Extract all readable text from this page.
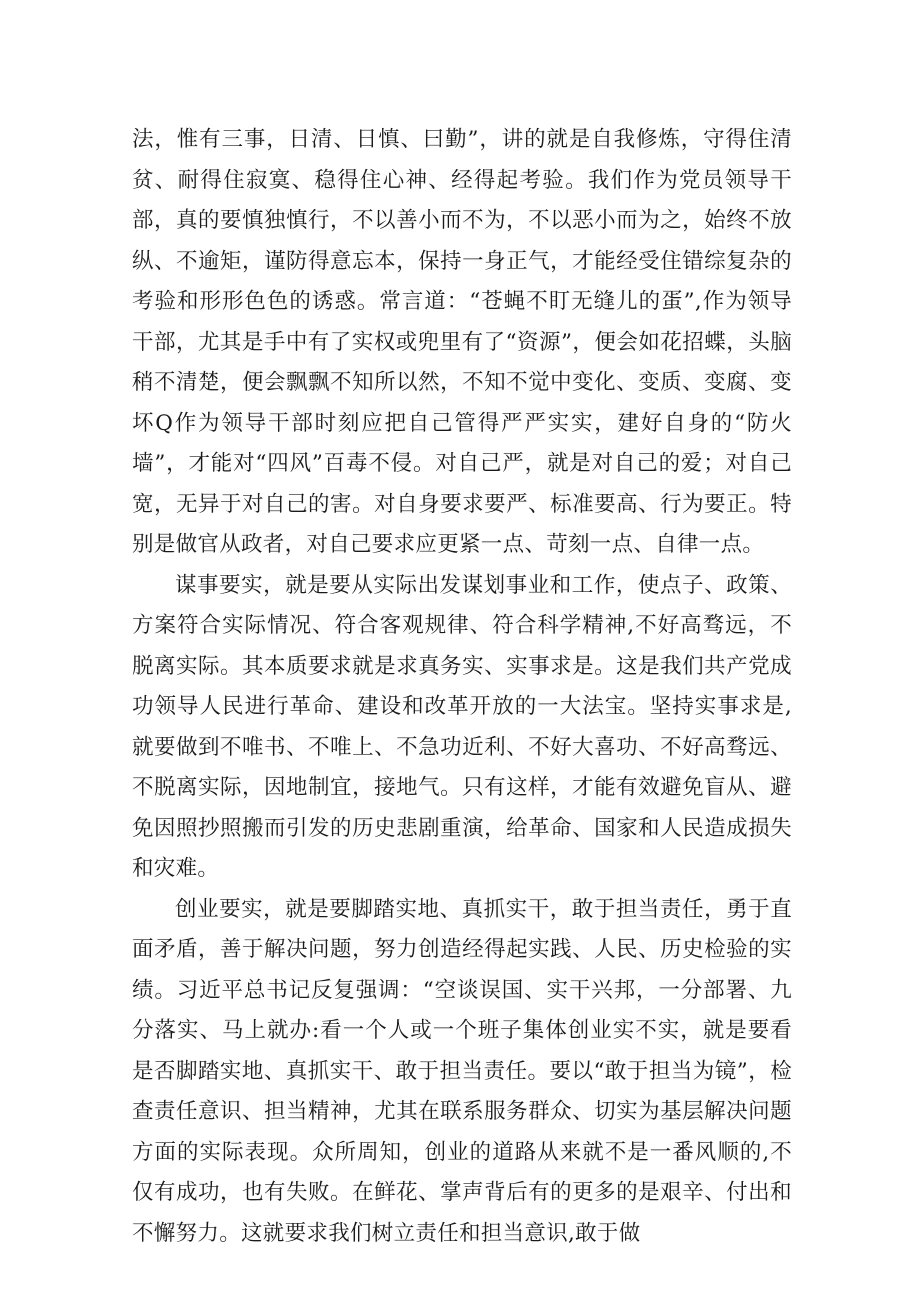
法，惟有三事，日清、日慎、曰勤”，讲的就是自我修炼，守得住清贫、耐得住寂寞、稳得住心神、经得起考验。我们作为党员领导干部，真的要慎独慎行，不以善小而不为，不以恶小而为之，始终不放纵、不逾矩，谨防得意忘本，保持一身正气，才能经受住错综复杂的考验和形形色色的诱惑。常言道：“苍蝇不盯无缝儿的蛋”,作为领导干部，尤其是手中有了实权或兜里有了“资源”，便会如花招蝶，头脑稍不清楚，便会飘飘不知所以然，不知不觉中变化、变质、变腐、变坏Q作为领导干部时刻应把自己管得严严实实，建好自身的“防火墙”，才能对“四风”百毒不侵。对自己严，就是对自己的爱；对自己宽，无异于对自己的害。对自身要求要严、标准要高、行为要正。特别是做官从政者，对自己要求应更紧一点、苛刻一点、自律一点。

谋事要实，就是要从实际出发谋划事业和工作，使点子、政策、方案符合实际情况、符合客观规律、符合科学精神,不好高骛远，不脱离实际。其本质要求就是求真务实、实事求是。这是我们共产党成功领导人民进行革命、建设和改革开放的一大法宝。坚持实事求是,就要做到不唯书、不唯上、不急功近利、不好大喜功、不好高骛远、不脱离实际，因地制宜，接地气。只有这样，才能有效避免盲从、避免因照抄照搬而引发的历史悲剧重演，给革命、国家和人民造成损失和灾难。

创业要实，就是要脚踏实地、真抓实干，敢于担当责任，勇于直面矛盾，善于解决问题，努力创造经得起实践、人民、历史检验的实绩。习近平总书记反复强调：“空谈误国、实干兴邦，一分部署、九分落实、马上就办:看一个人或一个班子集体创业实不实，就是要看是否脚踏实地、真抓实干、敢于担当责任。要以“敢于担当为镜”，检查责任意识、担当精神，尤其在联系服务群众、切实为基层解决问题方面的实际表现。众所周知，创业的道路从来就不是一番风顺的,不仅有成功，也有失败。在鲜花、掌声背后有的更多的是艰辛、付出和不懈努力。这就要求我们树立责任和担当意识,敢于做
